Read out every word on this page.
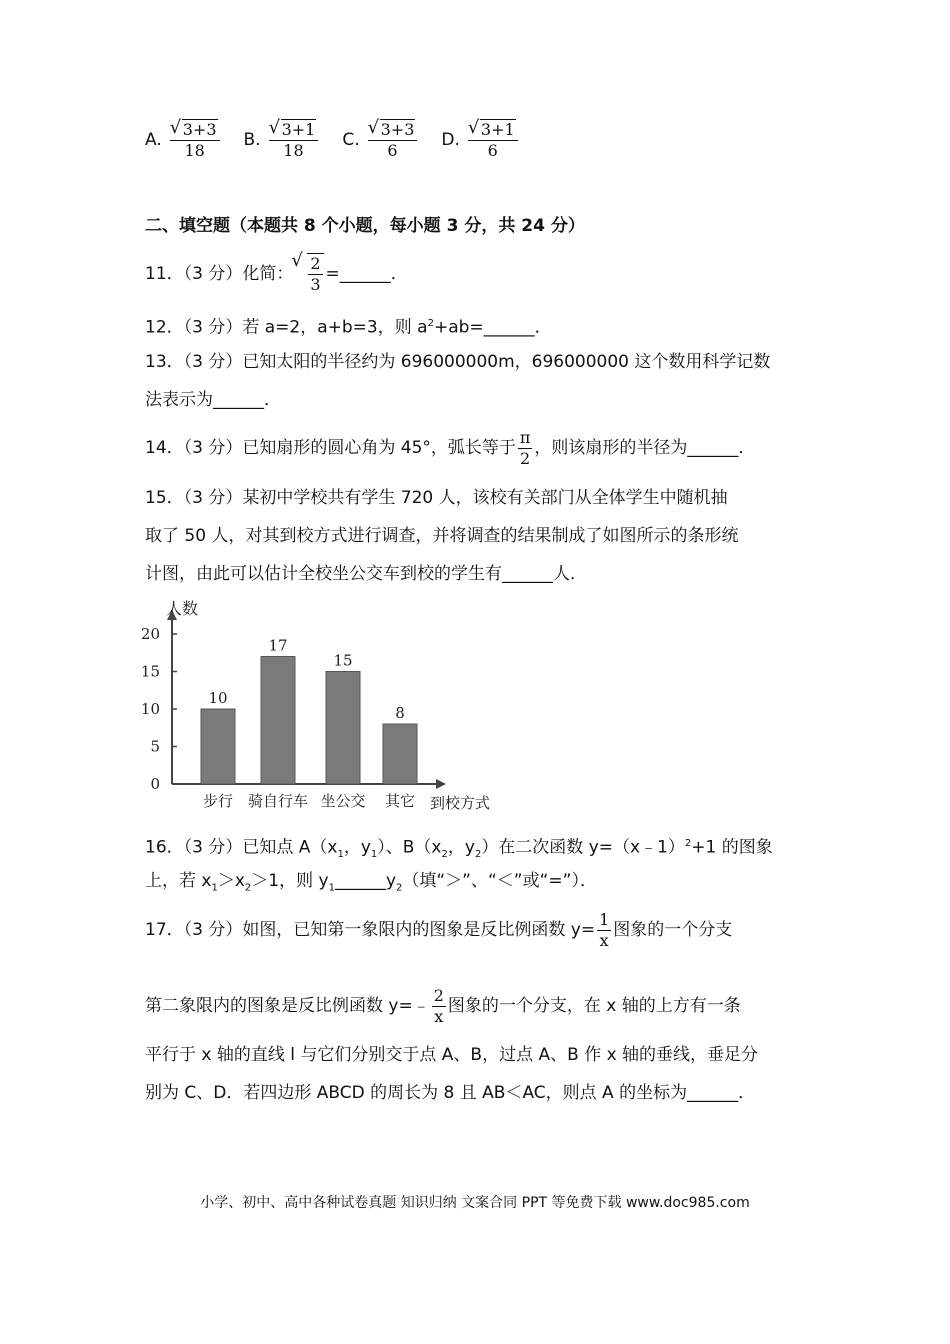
A. √ $\frac{3+3}{18} B$. √ $\frac{3+1}{18} C$. √ $\frac{3+3}{6} D$. √ $\frac{3+1}{6}$
二、填空题（本题共 8 个小题，每小题 3 分，共 24 分）
11．（3 分）化简： √ $\frac{2}{3}$ =______．
12．（3 分）若 a=2，a+b=3，则 $a^2+ab=\_\_\_\_\_\_$．
13．（3 分）已知太阳的半径约为 696000000m，696000000 这个数用科学记数
法表示为______．
14．（3 分）已知扇形的圆心角为 45°，弧长等于 $\frac{\pi}{2}$ ，则该扇形的半径为______．
15．（3 分）某初中学校共有学生 720 人，该校有关部门从全体学生中随机抽
取了 50 人，对其到校方式进行调查，并将调查的结果制成了如图所示的条形统
计图，由此可以估计全校坐公交车到校的学生有______人．
人数
0
5
10
15
20
10
步行
17
骑自行车
15
坐公交
8
其它 到校方式
16．（3 分）已知点 $A(x_1$，$y_1$）、$B(x_2$，$y_2$）在二次函数 y=（x﹣1）$^2$+1 的图象
上，若 $x_1>x_2>1$，则 $y_1\_\_\_\_\_\_y_2$（填“＞”、“＜”或“=”）．
17．（3 分）如图，已知第一象限内的图象是反比例函数 $y= \frac{1}{x}$ 图象的一个分支
第二象限内的图象是反比例函数 y=﹣ $\frac{2}{x}$ 图象的一个分支，在 x 轴的上方有一条
平行于 x 轴的直线 l 与它们分别交于点 A、B，过点 A、B 作 x 轴的垂线，垂足分
别为 C、D．若四边形 ABCD 的周长为 8 且 AB＜AC，则点 A 的坐标为______．
小学、初中、高中各种试卷真题 知识归纳 文案合同 PPT 等免费下载 www.doc985.com
